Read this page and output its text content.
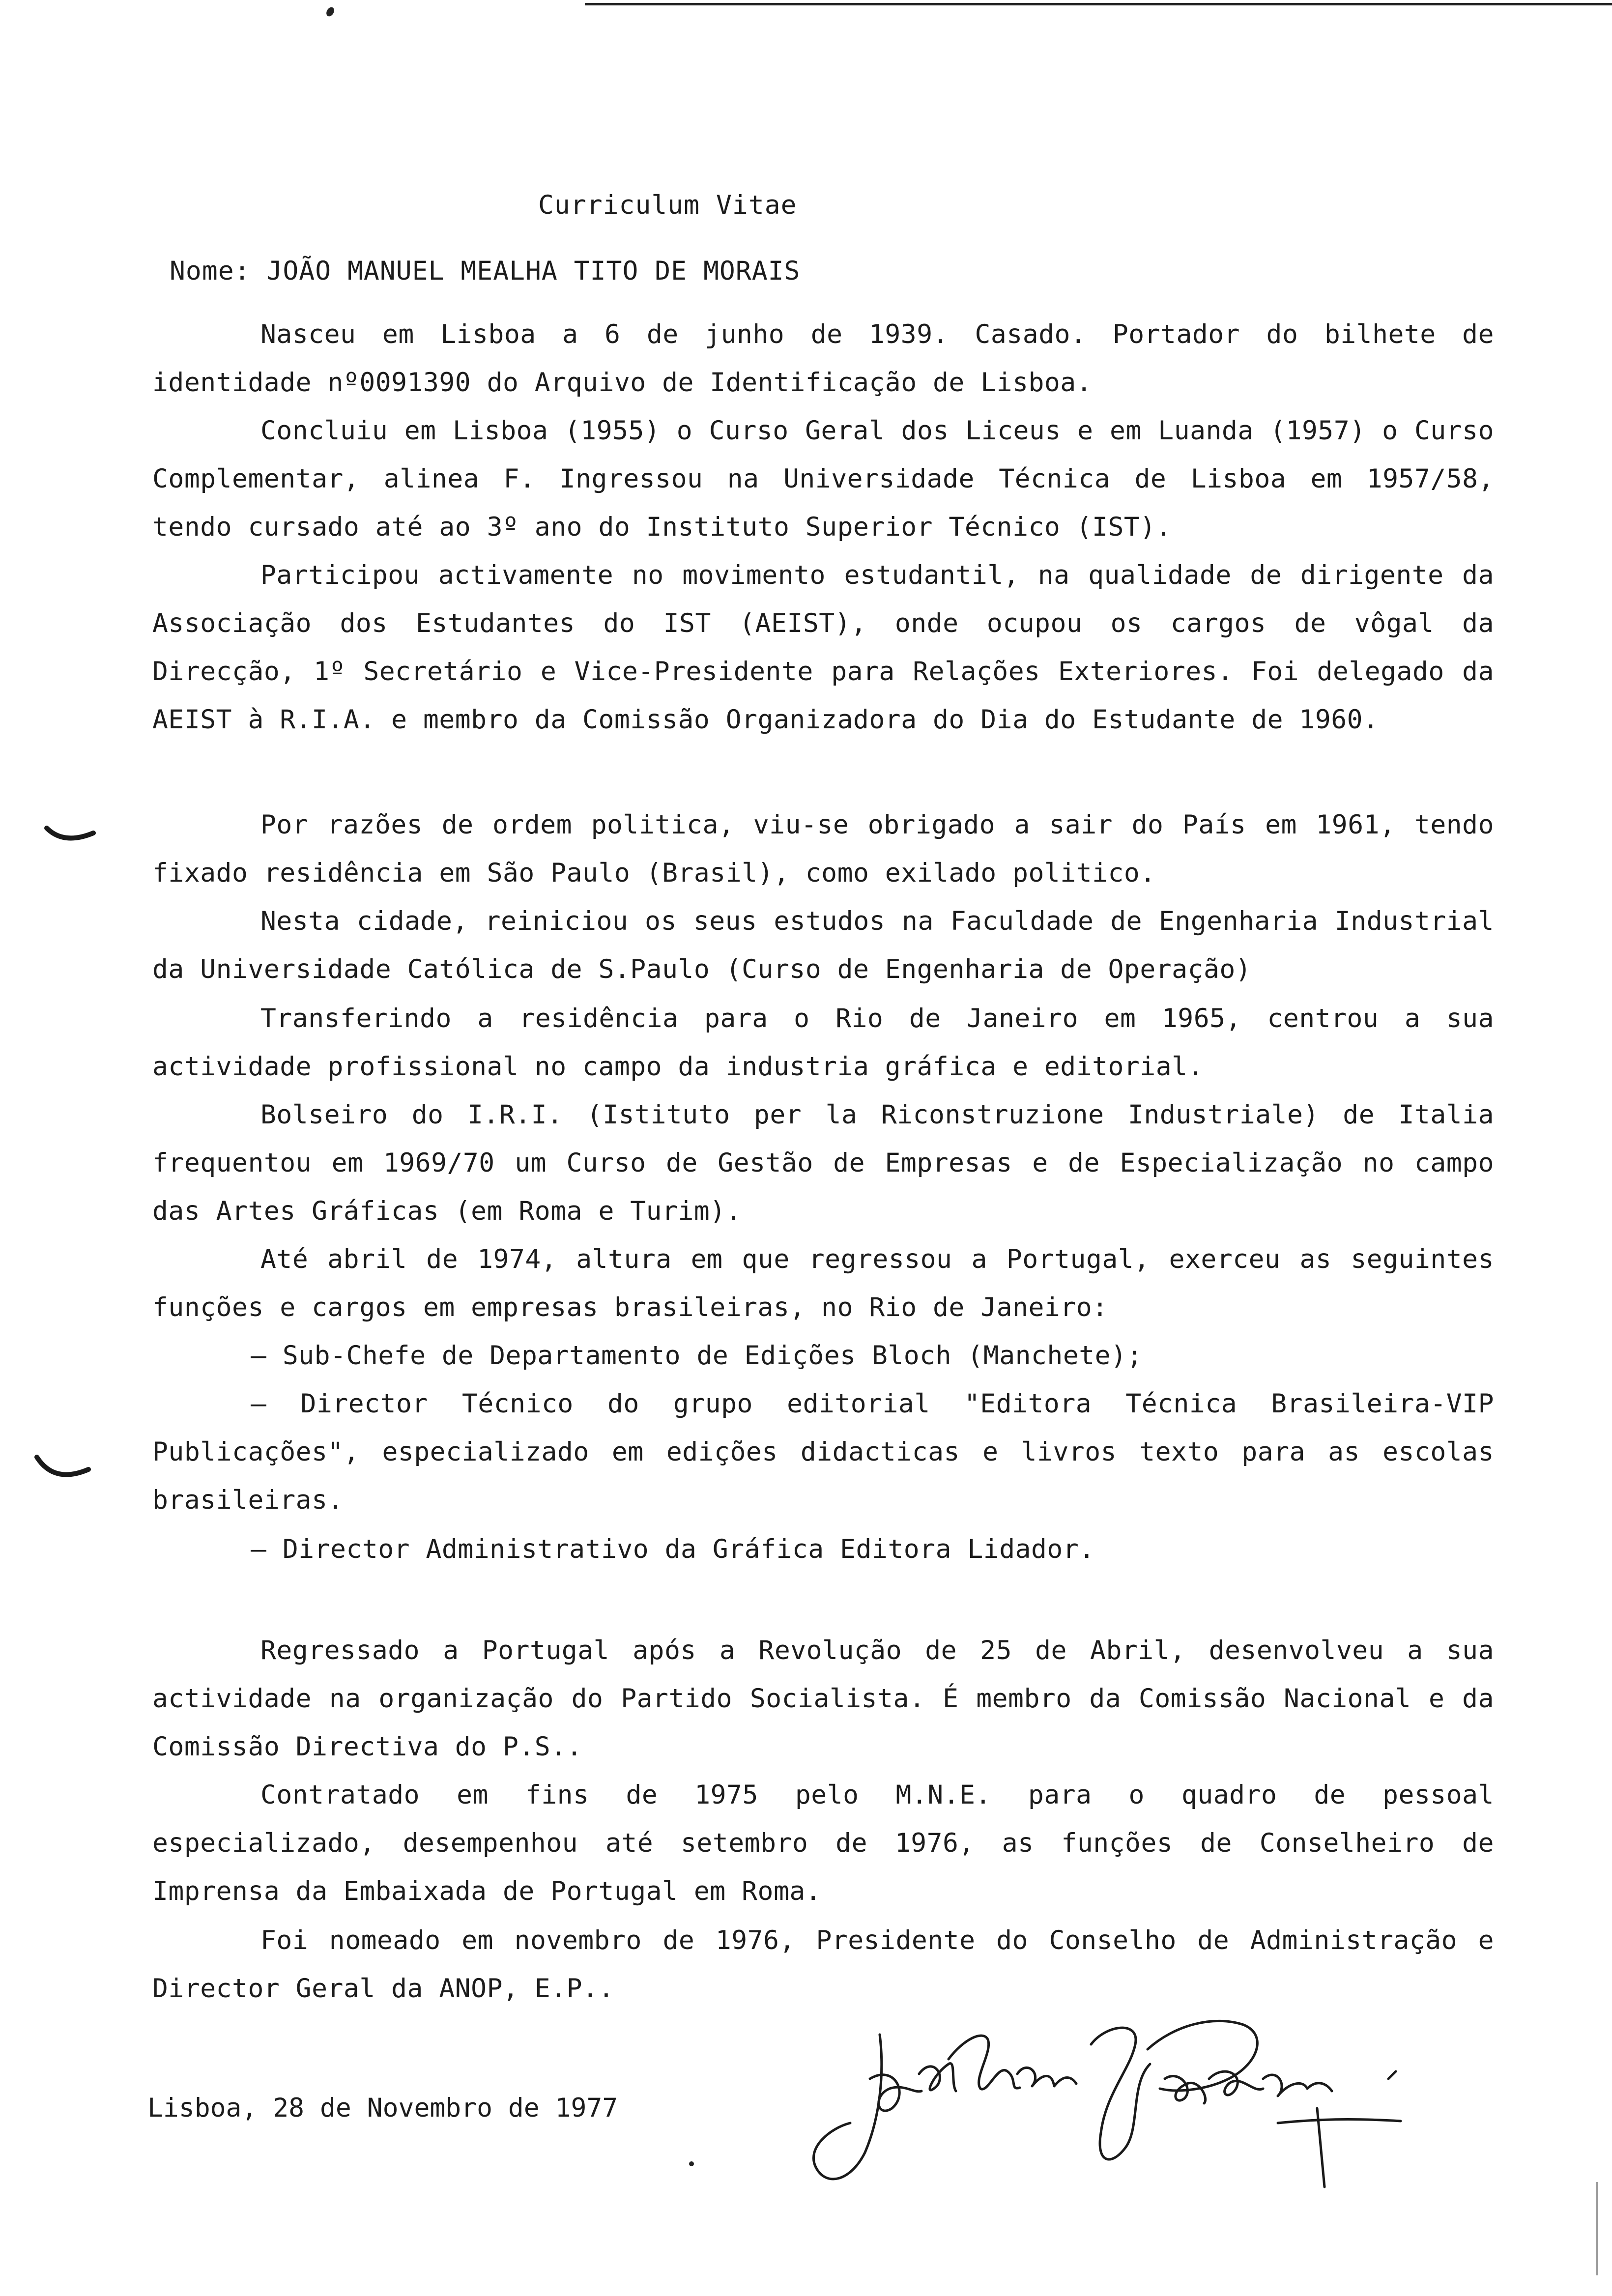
Curriculum Vitae
Nome: JOÃO MANUEL MEALHA TITO DE MORAIS
Nasceu em Lisboa a 6 de junho de 1939. Casado. Portador do bilhete de identidade nº0091390 do Arquivo de Identificação de Lisboa.
Concluiu em Lisboa (1955) o Curso Geral dos Liceus e em Luanda (1957) o Curso Complementar, alinea F. Ingressou na Universidade Técnica de Lisboa em 1957/58, tendo cursado até ao 3º ano do Instituto Superior Técnico (IST).
Participou activamente no movimento estudantil, na qualidade de dirigente da Associação dos Estudantes do IST (AEIST), onde ocupou os cargos de vôgal da Direcção, 1º Secretário e Vice-Presidente para Relações Exteriores. Foi delegado da AEIST à R.I.A. e membro da Comissão Organizadora do Dia do Estudante de 1960.
Por razões de ordem politica, viu-se obrigado a sair do País em 1961, tendo fixado residência em São Paulo (Brasil), como exilado politico.
Nesta cidade, reiniciou os seus estudos na Faculdade de Engenharia Industrial da Universidade Católica de S.Paulo (Curso de Engenharia de Operação)
Transferindo a residência para o Rio de Janeiro em 1965, centrou a sua actividade profissional no campo da industria gráfica e editorial.
Bolseiro do I.R.I. (Istituto per la Riconstruzione Industriale) de Italia frequentou em 1969/70 um Curso de Gestão de Empresas e de Especialização no campo das Artes Gráficas (em Roma e Turim).
Até abril de 1974, altura em que regressou a Portugal, exerceu as seguintes funções e cargos em empresas brasileiras, no Rio de Janeiro:
– Sub-Chefe de Departamento de Edições Bloch (Manchete);
– Director Técnico do grupo editorial "Editora Técnica Brasileira-VIP Publicações", especializado em edições didacticas e livros texto para as escolas brasileiras.
– Director Administrativo da Gráfica Editora Lidador.
Regressado a Portugal após a Revolução de 25 de Abril, desenvolveu a sua actividade na organização do Partido Socialista. É membro da Comissão Nacional e da Comissão Directiva do P.S..
Contratado em fins de 1975 pelo M.N.E. para o quadro de pessoal especializado, desempenhou até setembro de 1976, as funções de Conselheiro de Imprensa da Embaixada de Portugal em Roma.
Foi nomeado em novembro de 1976, Presidente do Conselho de Administração e Director Geral da ANOP, E.P..
Lisboa, 28 de Novembro de 1977
